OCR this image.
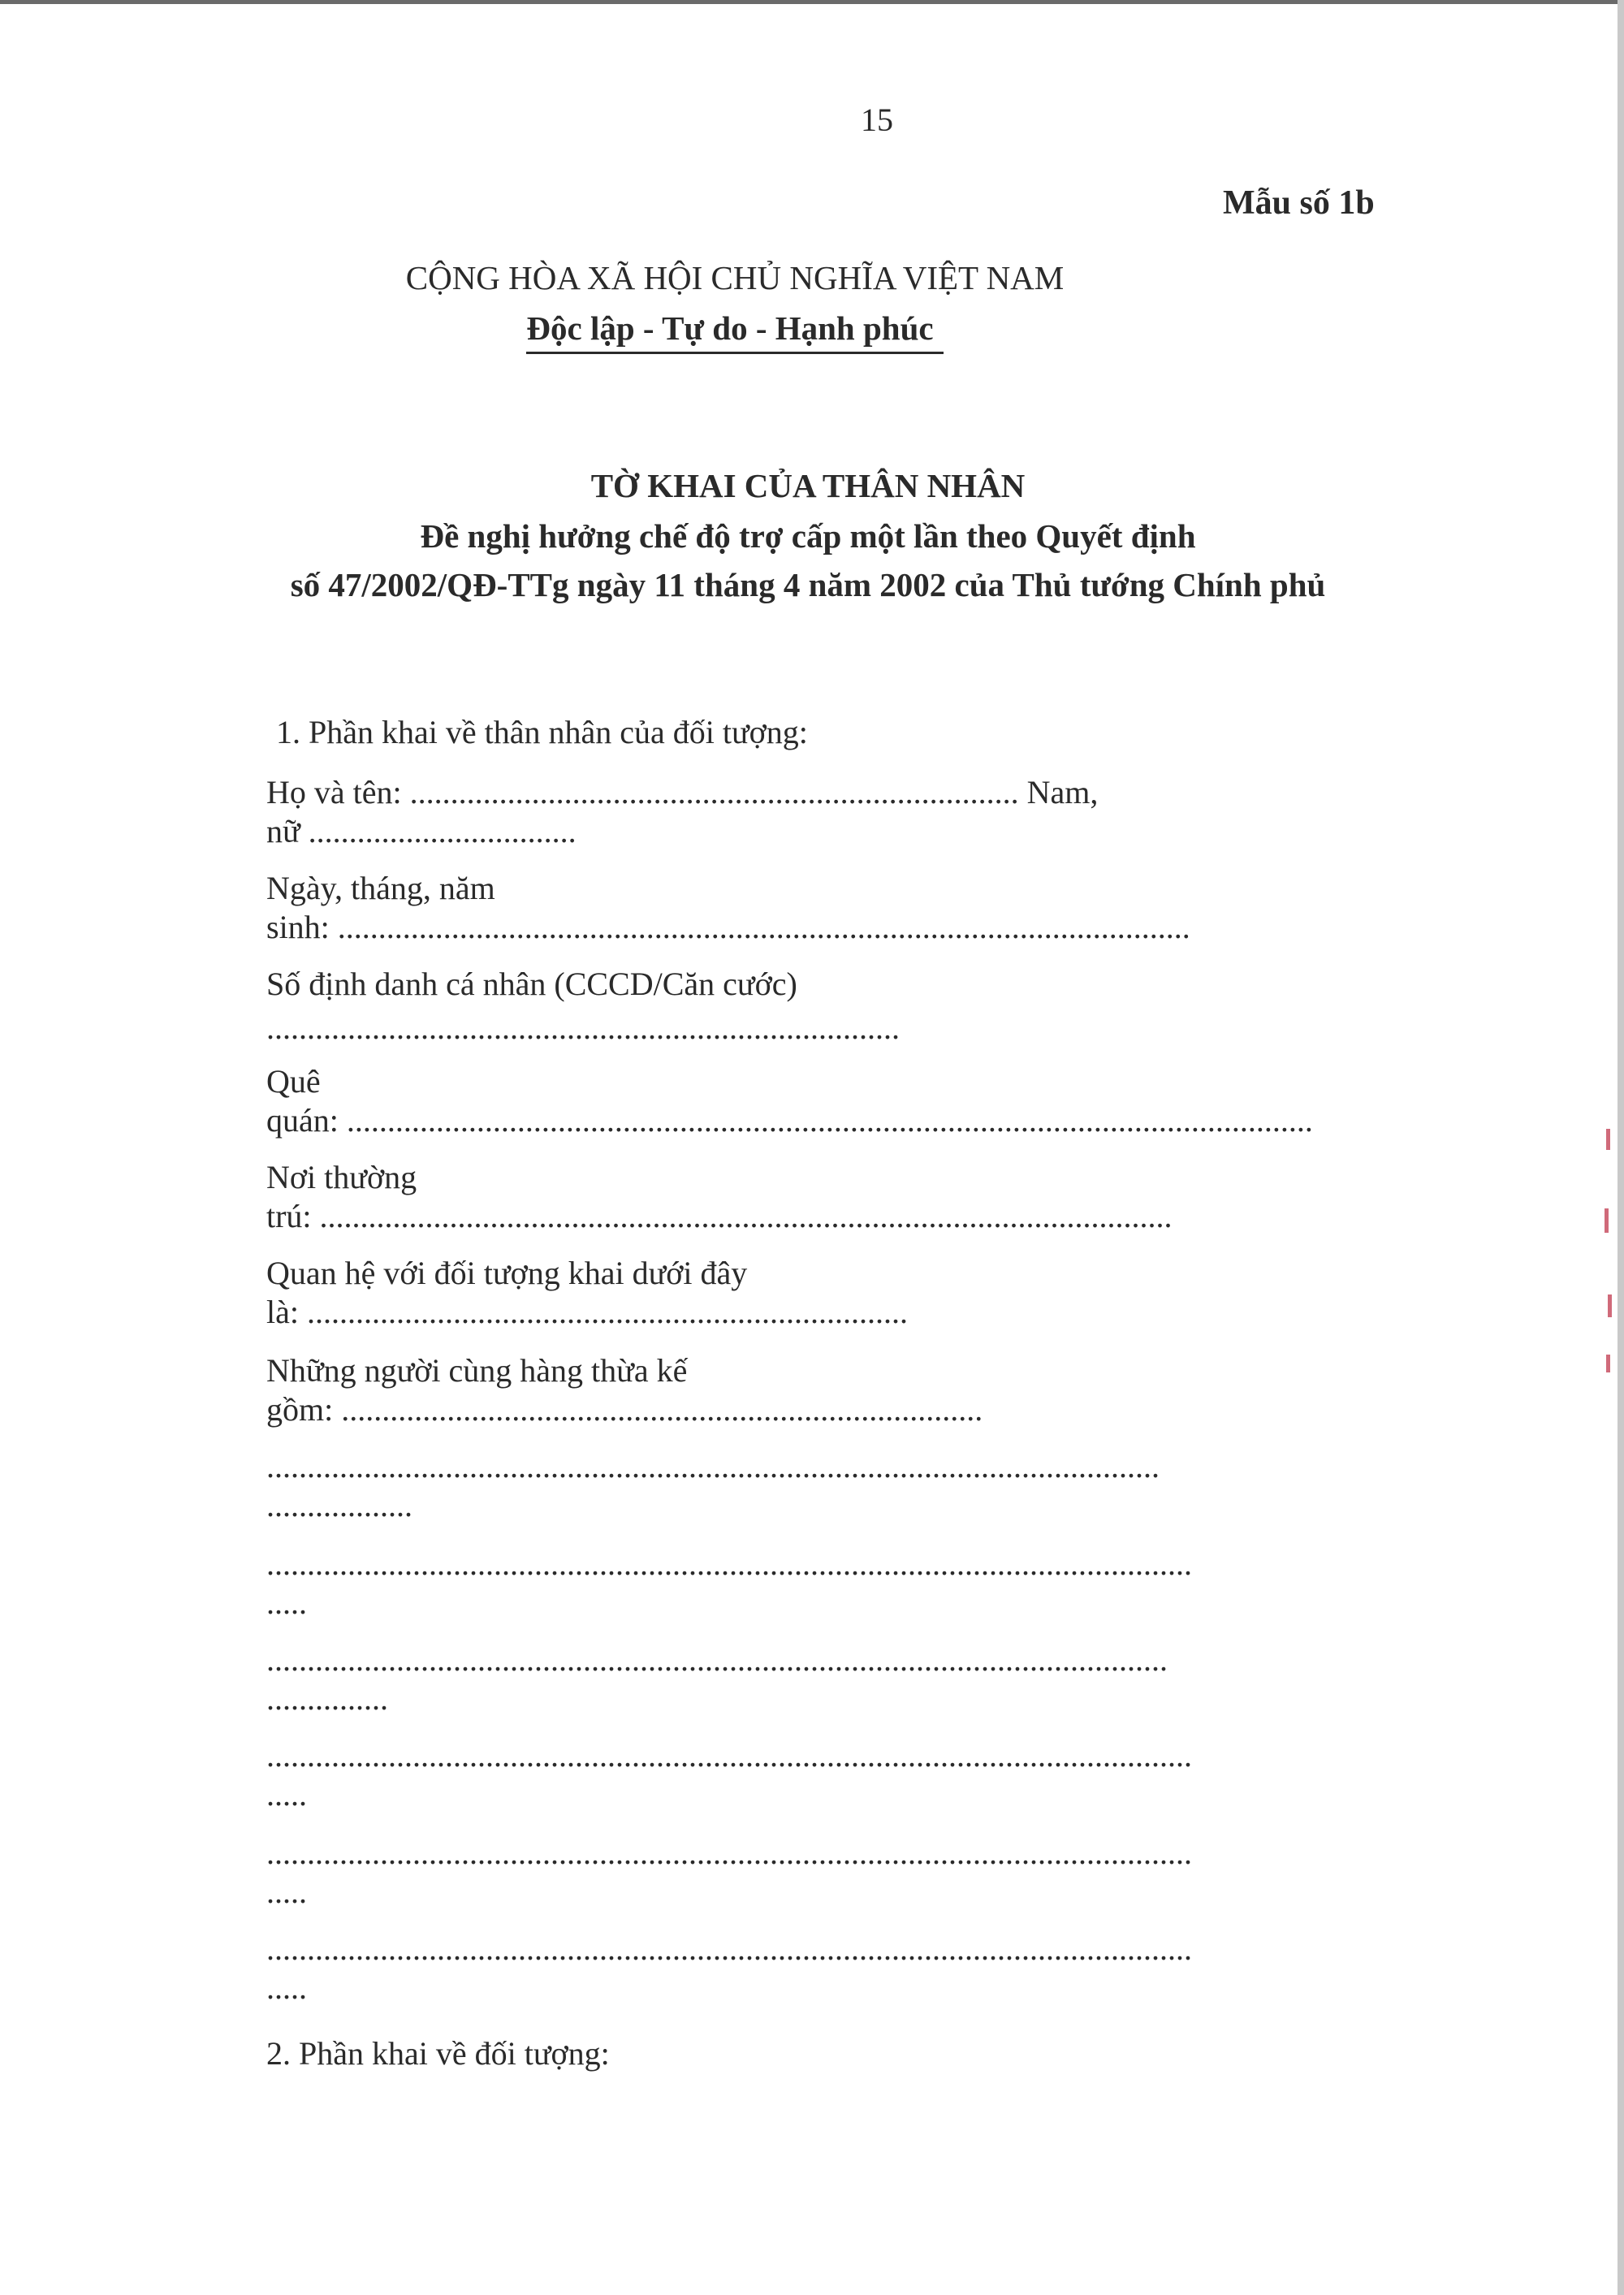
15
Mẫu số 1b
CỘNG HÒA XÃ HỘI CHỦ NGHĨA VIỆT NAM
Độc lập - Tự do - Hạnh phúc
TỜ KHAI CỦA THÂN NHÂN
Đề nghị hưởng chế độ trợ cấp một lần theo Quyết định
số 47/2002/QĐ-TTg ngày 11 tháng 4 năm 2002 của Thủ tướng Chính phủ
1. Phần khai về thân nhân của đối tượng:
Họ và tên: ........................................................................... Nam,
nữ .................................
Ngày, tháng, năm
sinh: .........................................................................................................
Số định danh cá nhân (CCCD/Căn cước)
..............................................................................
Quê
quán: .......................................................................................................................
Nơi thường
trú: .........................................................................................................
Quan hệ với đối tượng khai dưới đây
là: ..........................................................................
Những người cùng hàng thừa kế
gồm: ...............................................................................
..............................................................................................................
..................
..................................................................................................................
.....
...............................................................................................................
...............
..................................................................................................................
.....
..................................................................................................................
.....
..................................................................................................................
.....
2. Phần khai về đối tượng:
